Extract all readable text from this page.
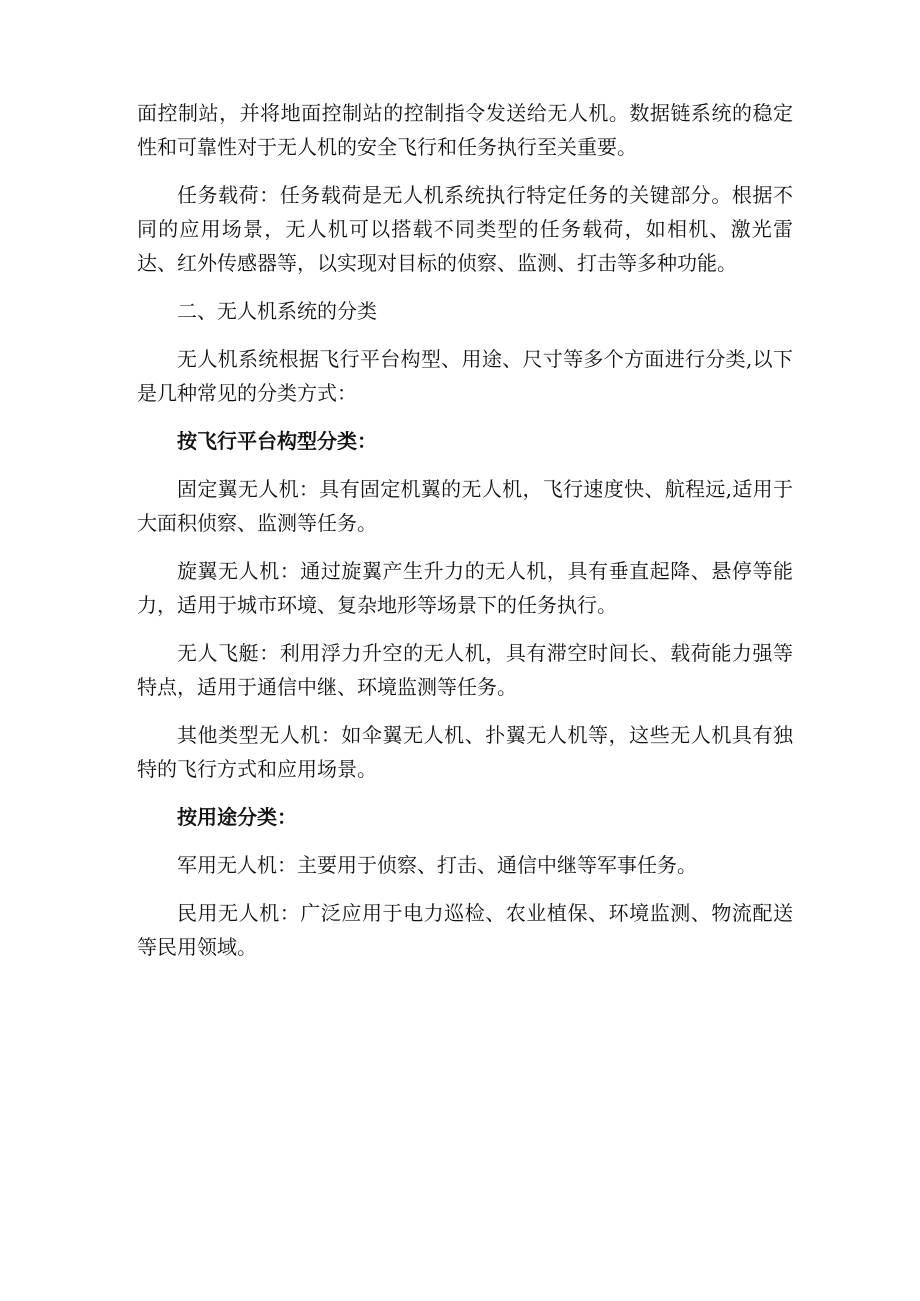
面控制站，并将地面控制站的控制指令发送给无人机。数据链系统的稳定性和可靠性对于无人机的安全飞行和任务执行至关重要。

任务载荷：任务载荷是无人机系统执行特定任务的关键部分。根据不同的应用场景，无人机可以搭载不同类型的任务载荷，如相机、激光雷达、红外传感器等，以实现对目标的侦察、监测、打击等多种功能。

二、无人机系统的分类

无人机系统根据飞行平台构型、用途、尺寸等多个方面进行分类,以下是几种常见的分类方式：

按飞行平台构型分类：

固定翼无人机：具有固定机翼的无人机，飞行速度快、航程远,适用于大面积侦察、监测等任务。

旋翼无人机：通过旋翼产生升力的无人机，具有垂直起降、悬停等能力，适用于城市环境、复杂地形等场景下的任务执行。

无人飞艇：利用浮力升空的无人机，具有滞空时间长、载荷能力强等特点，适用于通信中继、环境监测等任务。

其他类型无人机：如伞翼无人机、扑翼无人机等，这些无人机具有独特的飞行方式和应用场景。

按用途分类：

军用无人机：主要用于侦察、打击、通信中继等军事任务。

民用无人机：广泛应用于电力巡检、农业植保、环境监测、物流配送等民用领域。
